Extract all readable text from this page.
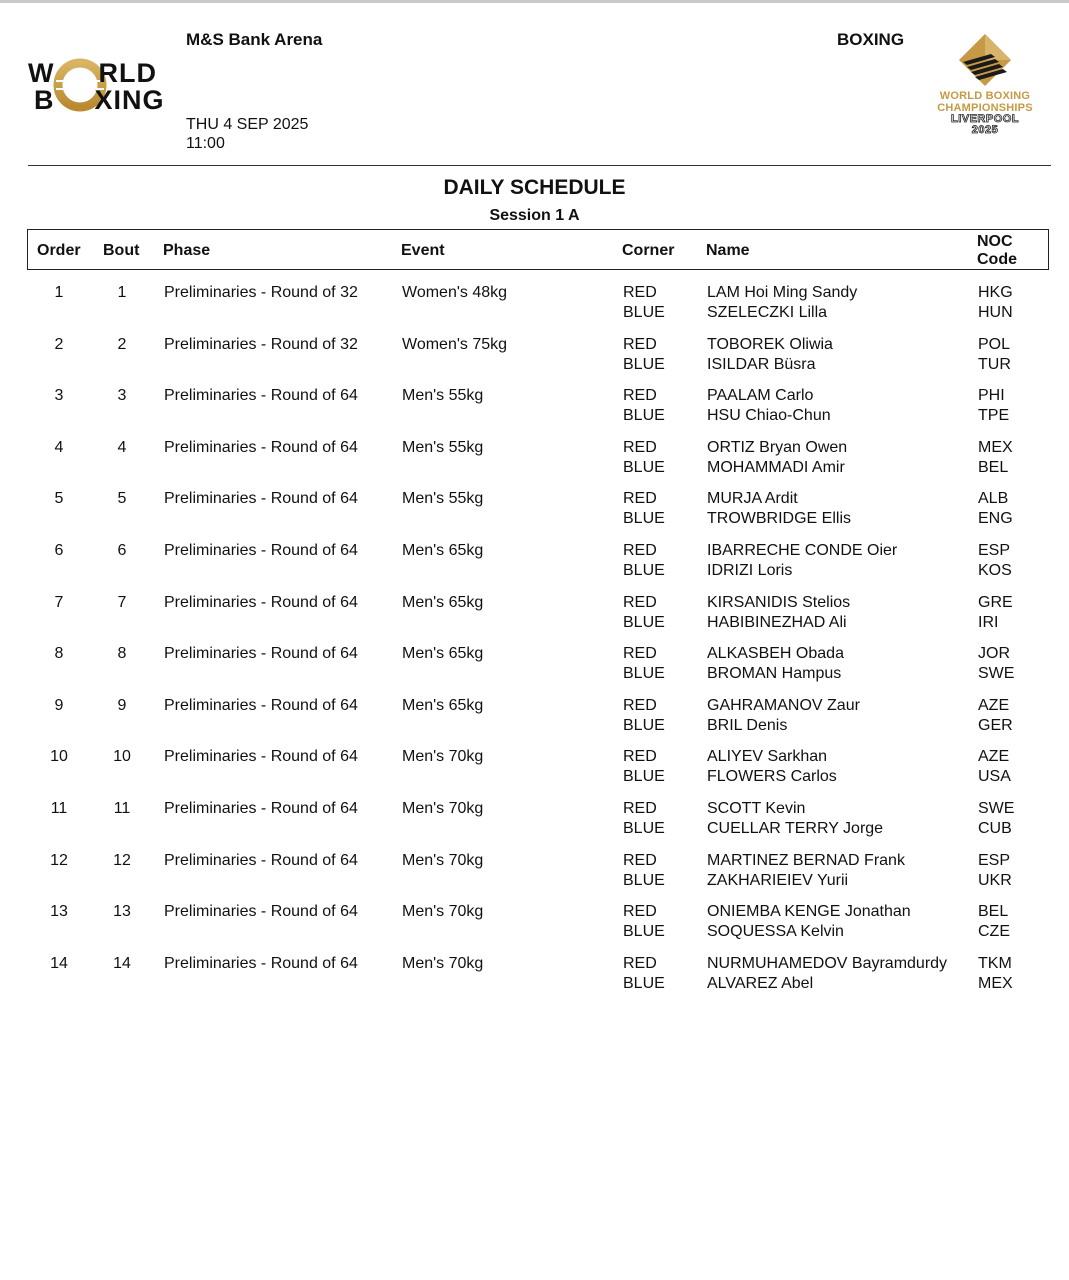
W RLD
B XING
M&S Bank Arena	BOXING
THU 4 SEP 2025
11:00
WORLD BOXING
CHAMPIONSHIPS
LIVERPOOL
2025
DAILY SCHEDULE
Session 1 A
Order Bout Phase	Event	Corner Name
NOC
Code
1	1	Preliminaries - Round of 32	Women's 48kg	RED	LAM Hoi Ming Sandy	HKG
BLUE	SZELECZKI Lilla	HUN
2	2	Preliminaries - Round of 32	Women's 75kg	RED	TOBOREK Oliwia	POL
BLUE	ISILDAR Büsra	TUR
3	3	Preliminaries - Round of 64	Men's 55kg	RED	PAALAM Carlo	PHI
BLUE	HSU Chiao-Chun	TPE
4	4	Preliminaries - Round of 64	Men's 55kg	RED	ORTIZ Bryan Owen	MEX
BLUE	MOHAMMADI Amir	BEL
5	5	Preliminaries - Round of 64	Men's 55kg	RED	MURJA Ardit	ALB
BLUE	TROWBRIDGE Ellis	ENG
6	6	Preliminaries - Round of 64	Men's 65kg	RED	IBARRECHE CONDE Oier	ESP
BLUE	IDRIZI Loris	KOS
7	7	Preliminaries - Round of 64	Men's 65kg	RED	KIRSANIDIS Stelios	GRE
BLUE	HABIBINEZHAD Ali	IRI
8	8	Preliminaries - Round of 64	Men's 65kg	RED	ALKASBEH Obada	JOR
BLUE	BROMAN Hampus	SWE
9	9	Preliminaries - Round of 64	Men's 65kg	RED	GAHRAMANOV Zaur	AZE
BLUE	BRIL Denis	GER
10	10	Preliminaries - Round of 64	Men's 70kg	RED	ALIYEV Sarkhan	AZE
BLUE	FLOWERS Carlos	USA
11	11	Preliminaries - Round of 64	Men's 70kg	RED	SCOTT Kevin	SWE
BLUE	CUELLAR TERRY Jorge	CUB
12	12	Preliminaries - Round of 64	Men's 70kg	RED	MARTINEZ BERNAD Frank	ESP
BLUE	ZAKHARIEIEV Yurii	UKR
13	13	Preliminaries - Round of 64	Men's 70kg	RED	ONIEMBA KENGE Jonathan	BEL
BLUE	SOQUESSA Kelvin	CZE
14	14	Preliminaries - Round of 64	Men's 70kg	RED	NURMUHAMEDOV Bayramdurdy TKM
BLUE	ALVAREZ Abel	MEX
